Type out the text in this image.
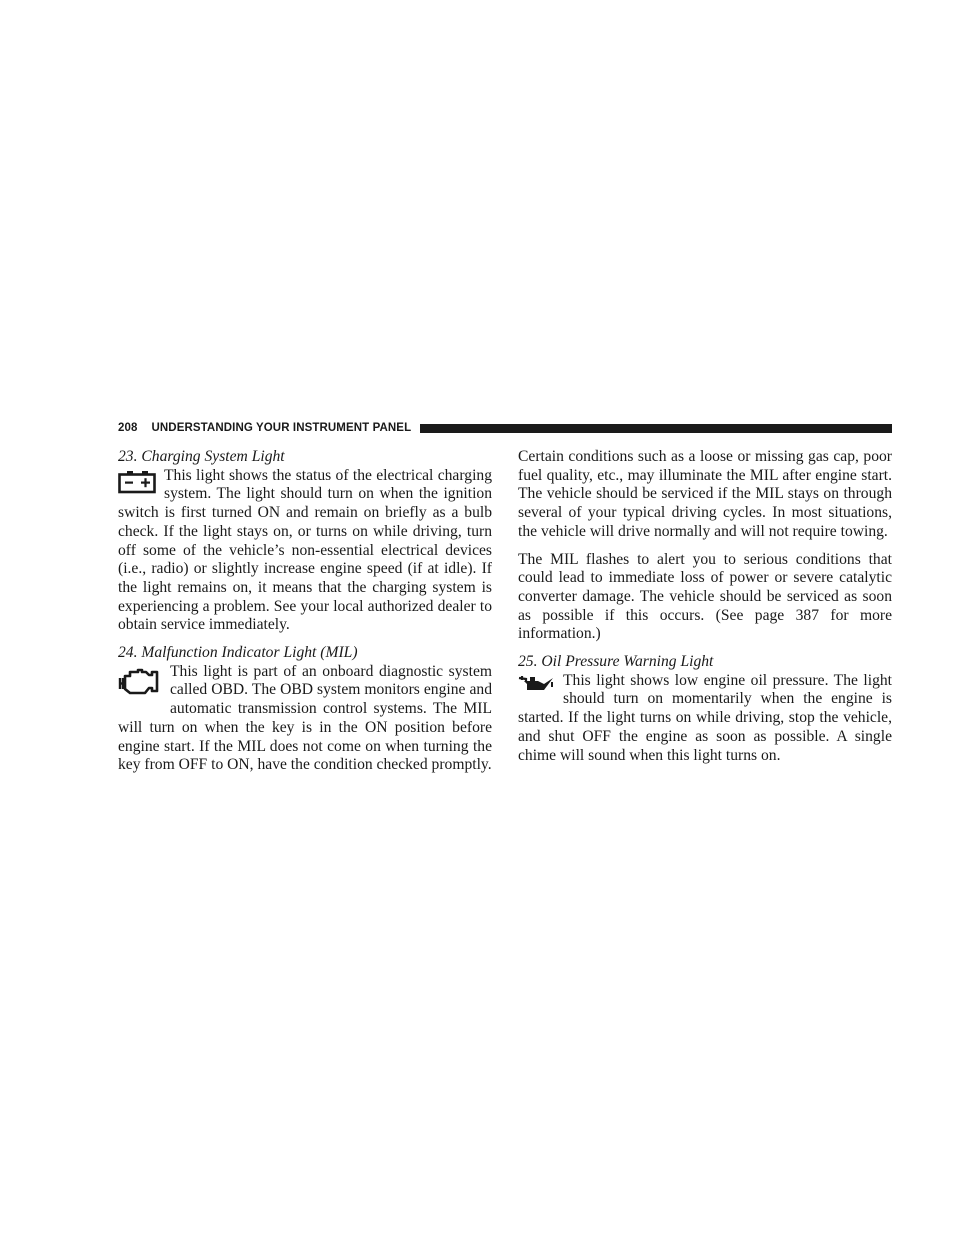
208 UNDERSTANDING YOUR INSTRUMENT PANEL
23. Charging System Light
This light shows the status of the electrical charging system. The light should turn on when the ignition switch is first turned ON and remain on briefly as a bulb check. If the light stays on, or turns on while driving, turn off some of the vehicle’s non-essential electrical devices (i.e., radio) or slightly increase engine speed (if at idle). If the light remains on, it means that the charging system is experiencing a problem. See your local authorized dealer to obtain service immediately.
24. Malfunction Indicator Light (MIL)
This light is part of an onboard diagnostic system called OBD. The OBD system monitors engine and automatic transmission control systems. The MIL will turn on when the key is in the ON position before engine start. If the MIL does not come on when turning the key from OFF to ON, have the condition checked promptly.

Certain conditions such as a loose or missing gas cap, poor fuel quality, etc., may illuminate the MIL after engine start. The vehicle should be serviced if the MIL stays on through several of your typical driving cycles. In most situations, the vehicle will drive normally and will not require towing.

The MIL flashes to alert you to serious conditions that could lead to immediate loss of power or severe catalytic converter damage. The vehicle should be serviced as soon as possible if this occurs. (See page 387 for more information.)

25. Oil Pressure Warning Light
This light shows low engine oil pressure. The light should turn on momentarily when the engine is started. If the light turns on while driving, stop the vehicle, and shut OFF the engine as soon as possible. A single chime will sound when this light turns on.
